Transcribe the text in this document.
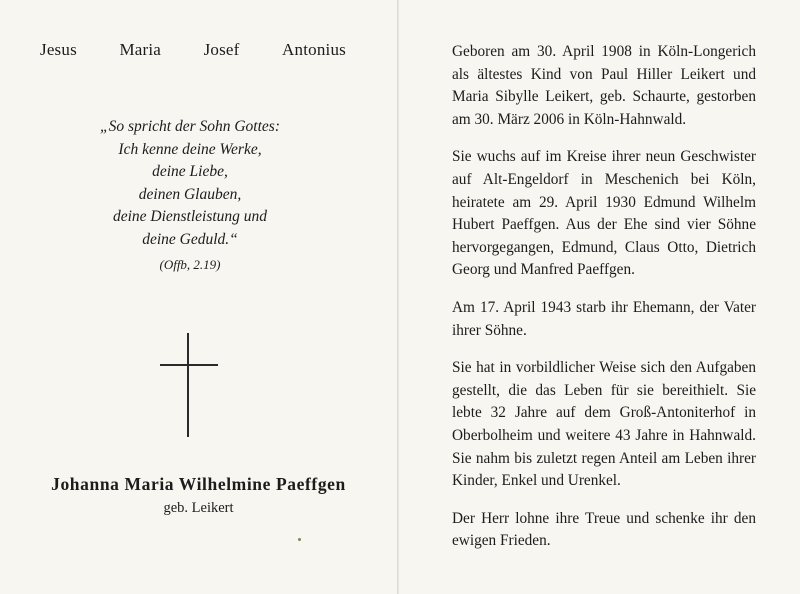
Jesus	Maria	Josef	Antonius
„So spricht der Sohn Gottes:
Ich kenne deine Werke,
deine Liebe,
deinen Glauben,
deine Dienstleistung und
deine Geduld.“
(Offb, 2.19)
Johanna Maria Wilhelmine Paeffgen
geb. Leikert

Geboren am 30. April 1908 in Köln-Longerich als ältestes Kind von Paul Hiller Leikert und Maria Sibylle Leikert, geb. Schaurte, gestorben am 30. März 2006 in Köln-Hahnwald.

Sie wuchs auf im Kreise ihrer neun Geschwister auf Alt-Engeldorf in Meschenich bei Köln, heiratete am 29. April 1930 Edmund Wilhelm Hubert Paeffgen. Aus der Ehe sind vier Söhne hervorgegangen, Edmund, Claus Otto, Dietrich Georg und Manfred Paeffgen.

Am 17. April 1943 starb ihr Ehemann, der Vater ihrer Söhne.

Sie hat in vorbildlicher Weise sich den Aufgaben gestellt, die das Leben für sie bereithielt. Sie lebte 32 Jahre auf dem Groß-Antoniterhof in Oberbolheim und weitere 43 Jahre in Hahnwald. Sie nahm bis zuletzt regen Anteil am Leben ihrer Kinder, Enkel und Urenkel.

Der Herr lohne ihre Treue und schenke ihr den ewigen Frieden.
